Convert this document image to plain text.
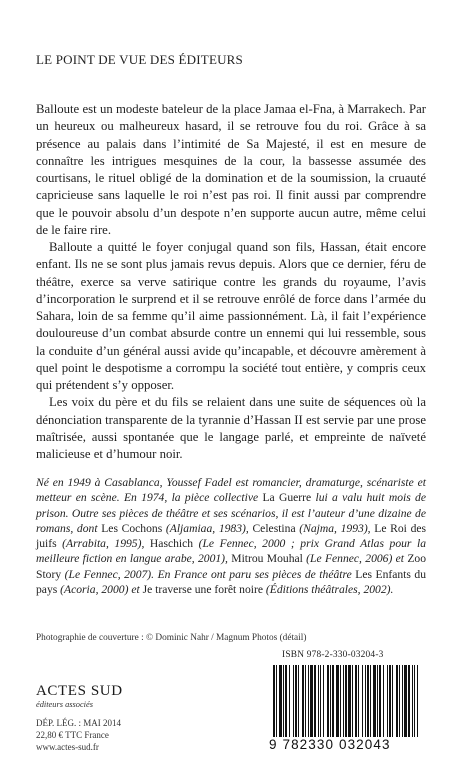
LE POINT DE VUE DES ÉDITEURS

Balloute est un modeste bateleur de la place Jamaa el-Fna, à Marrakech. Par un heureux ou malheureux hasard, il se retrouve fou du roi. Grâce à sa présence au palais dans l’intimité de Sa Majesté, il est en mesure de connaître les intrigues mesquines de la cour, la bassesse assumée des courtisans, le rituel obligé de la domination et de la soumission, la cruauté capricieuse sans laquelle le roi n’est pas roi. Il finit aussi par comprendre que le pouvoir absolu d’un despote n’en supporte aucun autre, même celui de le faire rire.

Balloute a quitté le foyer conjugal quand son fils, Hassan, était encore enfant. Ils ne se sont plus jamais revus depuis. Alors que ce dernier, féru de théâtre, exerce sa verve satirique contre les grands du royaume, l’avis d’incorporation le surprend et il se retrouve enrôlé de force dans l’armée du Sahara, loin de sa femme qu’il aime passionnément. Là, il fait l’expérience douloureuse d’un combat absurde contre un ennemi qui lui ressemble, sous la conduite d’un général aussi avide qu’incapable, et découvre amèrement à quel point le despotisme a corrompu la société tout entière, y compris ceux qui prétendent s’y opposer.

Les voix du père et du fils se relaient dans une suite de séquences où la dénonciation transparente de la tyrannie d’Hassan II est servie par une prose maîtrisée, aussi spontanée que le langage parlé, et empreinte de naïveté malicieuse et d’humour noir.

Né en 1949 à Casablanca, Youssef Fadel est romancier, dramaturge, scénariste et metteur en scène. En 1974, la pièce collective La Guerre lui a valu huit mois de prison. Outre ses pièces de théâtre et ses scénarios, il est l’auteur d’une dizaine de romans, dont Les Cochons (Aljamiaa, 1983), Celestina (Najma, 1993), Le Roi des juifs (Arrabita, 1995), Haschich (Le Fennec, 2000 ; prix Grand Atlas pour la meilleure fiction en langue arabe, 2001), Mitrou Mouhal (Le Fennec, 2006) et Zoo Story (Le Fennec, 2007). En France ont paru ses pièces de théâtre Les Enfants du pays (Acoria, 2000) et Je traverse une forêt noire (Éditions théâtrales, 2002).
Photographie de couverture : © Dominic Nahr / Magnum Photos (détail)
ACTES SUD
éditeurs associés
DÉP. LÉG. : MAI 2014
22,80 € TTC France
www.actes-sud.fr
ISBN 978-2-330-03204-3
9 782330 032043
